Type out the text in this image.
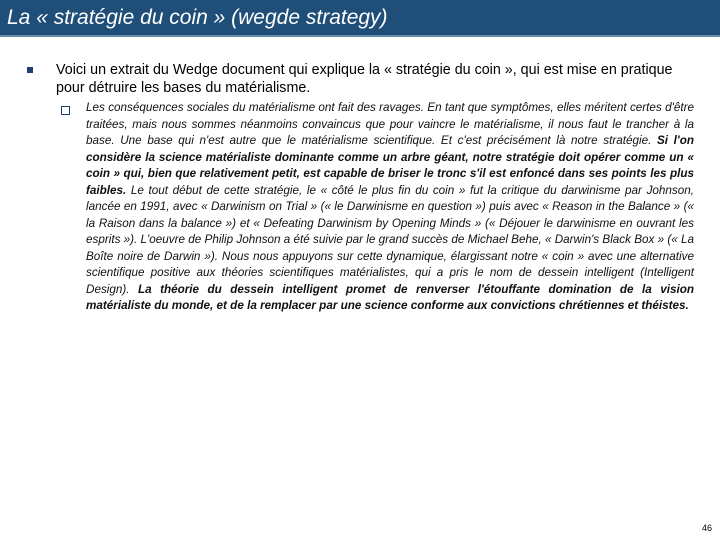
La « stratégie du coin » (wegde strategy)

Voici un extrait du Wedge document qui explique la « stratégie du coin », qui est mise en pratique pour détruire les bases du matérialisme.

Les conséquences sociales du matérialisme ont fait des ravages. En tant que symptômes, elles méritent certes d'être traitées, mais nous sommes néanmoins convaincus que pour vaincre le matérialisme, il nous faut le trancher à la base. Une base qui n'est autre que le matérialisme scientifique. Et c'est précisément là notre stratégie. Si l'on considère la science matérialiste dominante comme un arbre géant, notre stratégie doit opérer comme un « coin » qui, bien que relativement petit, est capable de briser le tronc s'il est enfoncé dans ses points les plus faibles. Le tout début de cette stratégie, le « côté le plus fin du coin » fut la critique du darwinisme par Johnson, lancée en 1991, avec « Darwinism on Trial » (« le Darwinisme en question ») puis avec « Reason in the Balance » (« la Raison dans la balance ») et « Defeating Darwinism by Opening Minds » (« Déjouer le darwinisme en ouvrant les esprits »). L'oeuvre de Philip Johnson a été suivie par le grand succès de Michael Behe, « Darwin's Black Box » (« La Boîte noire de Darwin »). Nous nous appuyons sur cette dynamique, élargissant notre « coin » avec une alternative scientifique positive aux théories scientifiques matérialistes, qui a pris le nom de dessein intelligent (Intelligent Design). La théorie du dessein intelligent promet de renverser l'étouffante domination de la vision matérialiste du monde, et de la remplacer par une science conforme aux convictions chrétiennes et théistes.

46
